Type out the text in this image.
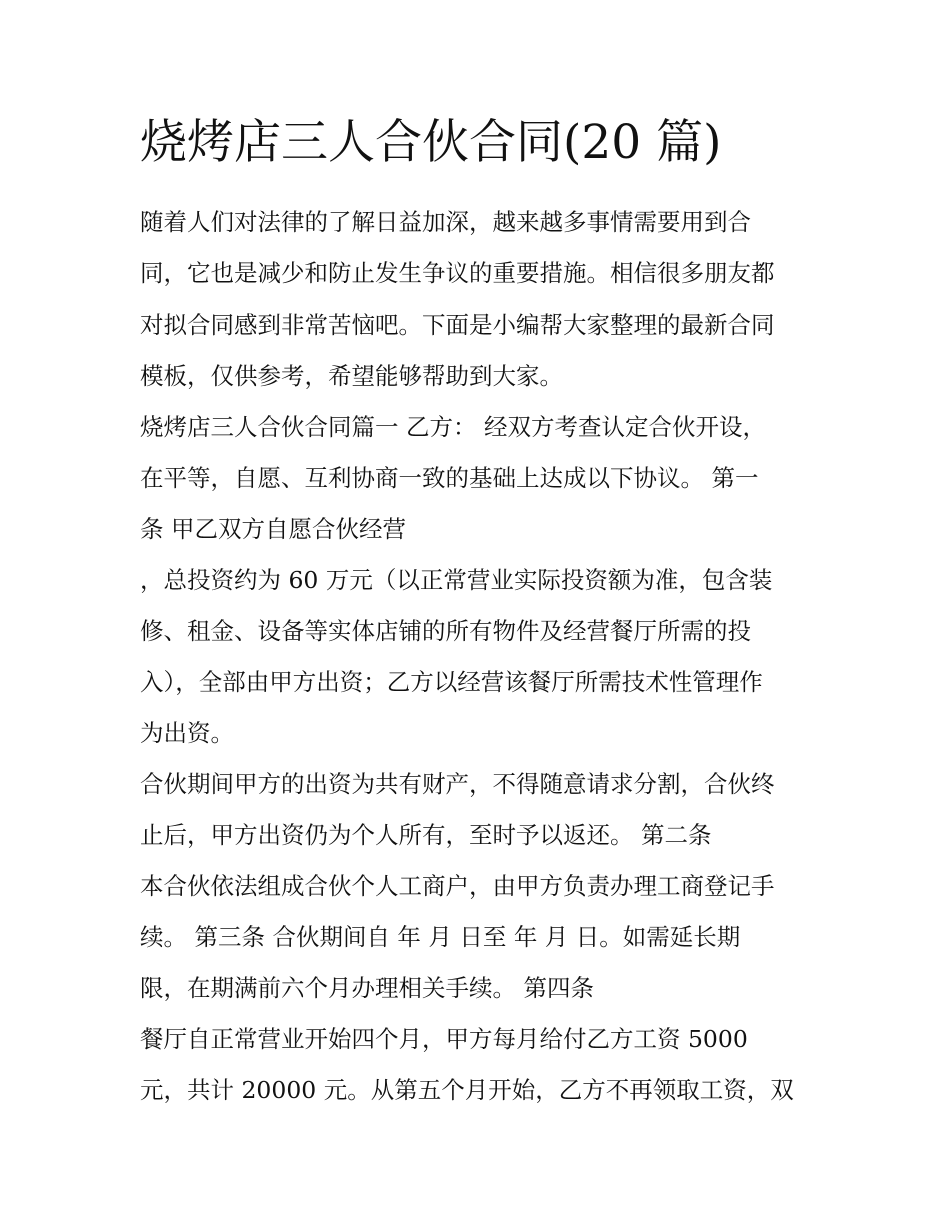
烧烤店三人合伙合同(20 篇)

随着人们对法律的了解日益加深，越来越多事情需要用到合

同，它也是减少和防止发生争议的重要措施。相信很多朋友都

对拟合同感到非常苦恼吧。下面是小编帮大家整理的最新合同

模板，仅供参考，希望能够帮助到大家。

烧烤店三人合伙合同篇一 乙方： 经双方考查认定合伙开设，

在平等，自愿、互利协商一致的基础上达成以下协议。 第一

条 甲乙双方自愿合伙经营

，总投资约为 60 万元（以正常营业实际投资额为准，包含装

修、租金、设备等实体店铺的所有物件及经营餐厅所需的投

入），全部由甲方出资；乙方以经营该餐厅所需技术性管理作

为出资。

合伙期间甲方的出资为共有财产，不得随意请求分割，合伙终

止后，甲方出资仍为个人所有，至时予以返还。 第二条

本合伙依法组成合伙个人工商户，由甲方负责办理工商登记手

续。 第三条 合伙期间自 年 月 日至 年 月 日。如需延长期

限，在期满前六个月办理相关手续。 第四条

餐厅自正常营业开始四个月，甲方每月给付乙方工资 5000

元，共计 20000 元。从第五个月开始，乙方不再领取工资，双
